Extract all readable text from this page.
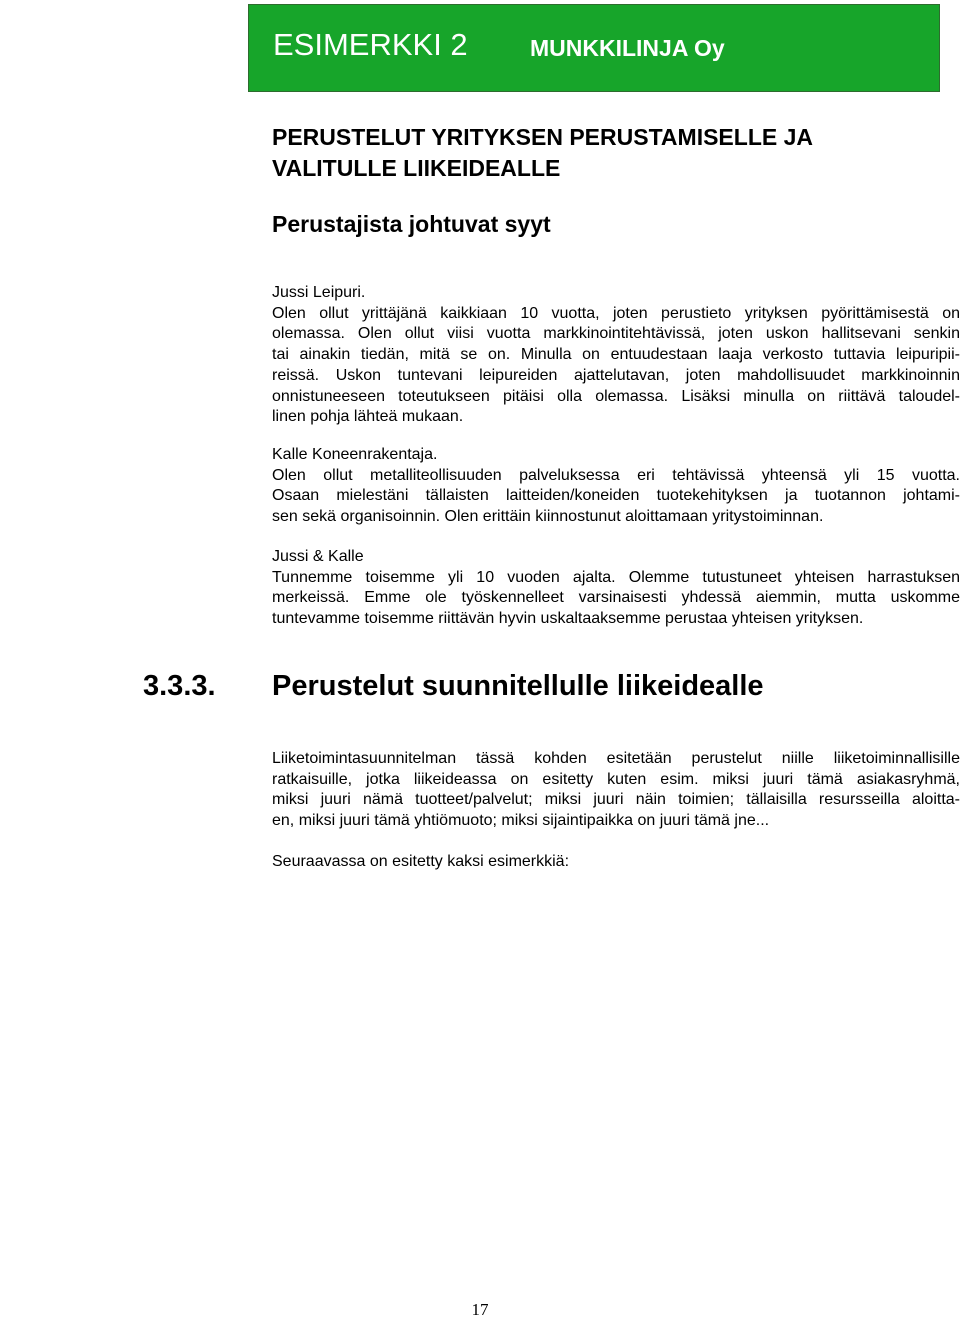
ESIMERKKI 2	MUNKKILINJA Oy
PERUSTELUT YRITYKSEN PERUSTAMISELLE JA
VALITULLE LIIKEIDEALLE
Perustajista johtuvat syyt
Jussi Leipuri.
Olen ollut yrittäjänä kaikkiaan 10 vuotta, joten perustieto yrityksen pyörittämisestä on
olemassa. Olen ollut viisi vuotta markkinointitehtävissä, joten uskon hallitsevani senkin
tai ainakin tiedän, mitä se on. Minulla on entuudestaan laaja verkosto tuttavia leipuripii-
reissä. Uskon tuntevani leipureiden ajattelutavan, joten mahdollisuudet markkinoinnin
onnistuneeseen toteutukseen pitäisi olla olemassa. Lisäksi minulla on riittävä taloudel-
linen pohja lähteä mukaan.
Kalle Koneenrakentaja.
Olen ollut metalliteollisuuden palveluksessa eri tehtävissä yhteensä yli 15 vuotta.
Osaan mielestäni tällaisten laitteiden/koneiden tuotekehityksen ja tuotannon johtami-
sen sekä organisoinnin. Olen erittäin kiinnostunut aloittamaan yritystoiminnan.
Jussi & Kalle
Tunnemme toisemme yli 10 vuoden ajalta. Olemme tutustuneet yhteisen harrastuksen
merkeissä. Emme ole työskennelleet varsinaisesti yhdessä aiemmin, mutta uskomme
tuntevamme toisemme riittävän hyvin uskaltaaksemme perustaa yhteisen yrityksen.
3.3.3. Perustelut suunnitellulle liikeidealle
Liiketoimintasuunnitelman tässä kohden esitetään perustelut niille liiketoiminnallisille
ratkaisuille, jotka liikeideassa on esitetty kuten esim. miksi juuri tämä asiakasryhmä,
miksi juuri nämä tuotteet/palvelut; miksi juuri näin toimien; tällaisilla resursseilla aloitta-
en, miksi juuri tämä yhtiömuoto; miksi sijaintipaikka on juuri tämä jne...
Seuraavassa on esitetty kaksi esimerkkiä:
17
